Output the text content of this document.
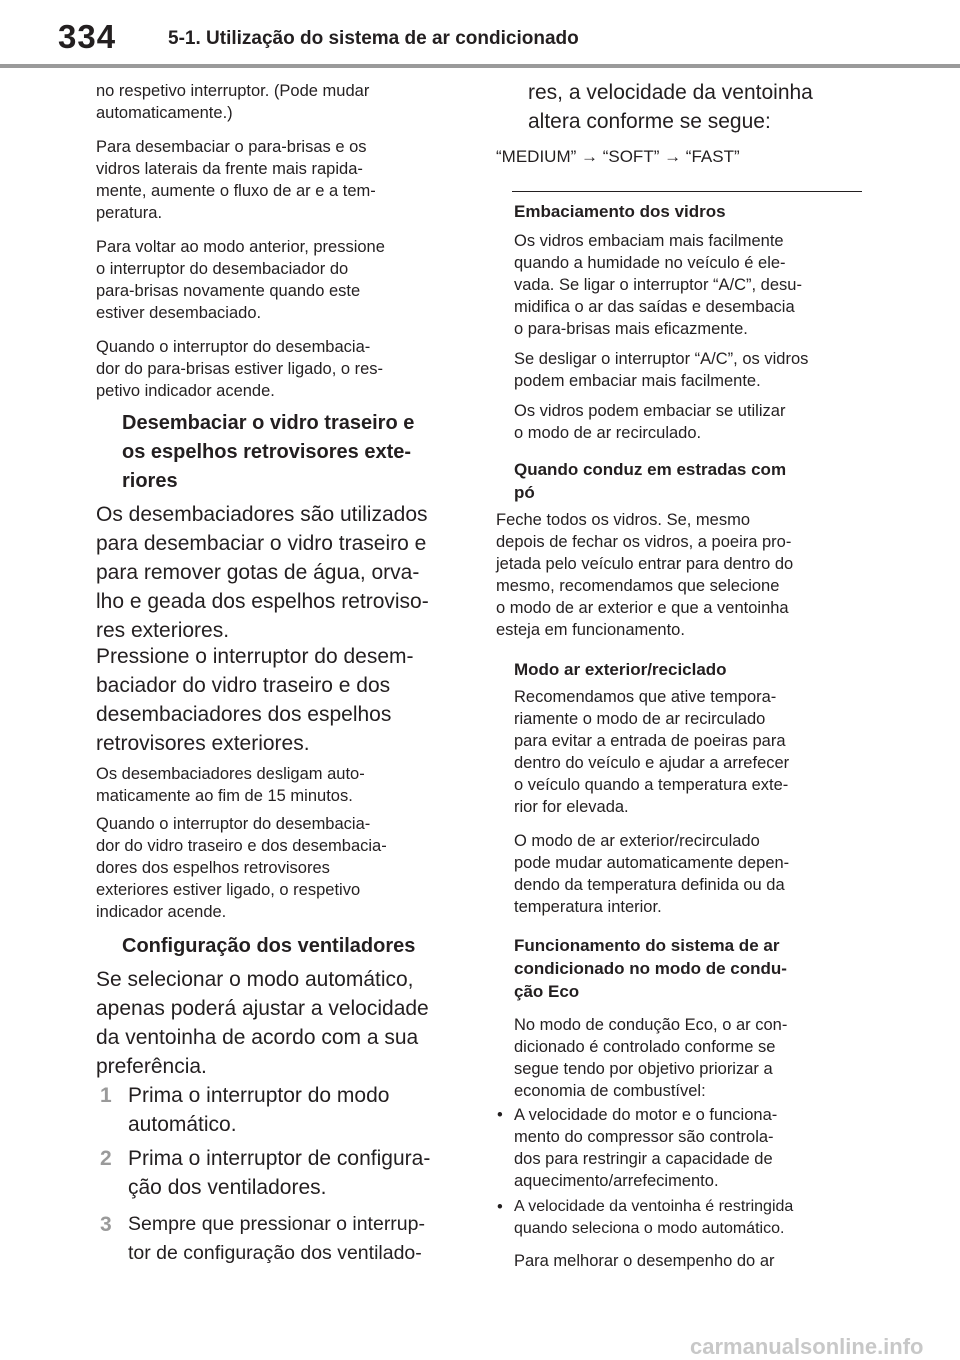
334	5-1. Utilização do sistema de ar condicionado
no respetivo interruptor. (Pode mudar
automaticamente.)
Para desembaciar o para-brisas e os
vidros laterais da frente mais rapida-
mente, aumente o fluxo de ar e a tem-
peratura.
Para voltar ao modo anterior, pressione
o interruptor do desembaciador do
para-brisas novamente quando este
estiver desembaciado.
Quando o interruptor do desembacia-
dor do para-brisas estiver ligado, o res-
petivo indicador acende.
Desembaciar o vidro traseiro e
os espelhos retrovisores exte-
riores
Os desembaciadores são utilizados
para desembaciar o vidro traseiro e
para remover gotas de água, orva-
lho e geada dos espelhos retroviso-
res exteriores.
Pressione o interruptor do desem-
baciador do vidro traseiro e dos
desembaciadores dos espelhos
retrovisores exteriores.
Os desembaciadores desligam auto-
maticamente ao fim de 15 minutos.
Quando o interruptor do desembacia-
dor do vidro traseiro e dos desembacia-
dores dos espelhos retrovisores
exteriores estiver ligado, o respetivo
indicador acende.
Configuração dos ventiladores
Se selecionar o modo automático,
apenas poderá ajustar a velocidade
da ventoinha de acordo com a sua
preferência.
1 Prima o interruptor do modo
automático.
2 Prima o interruptor de configura-
ção dos ventiladores.
3 Sempre que pressionar o interrup-
tor de configuração dos ventilado-
res, a velocidade da ventoinha
altera conforme se segue:
“MEDIUM” → “SOFT” → “FAST”
Embaciamento dos vidros
Os vidros embaciam mais facilmente
quando a humidade no veículo é ele-
vada. Se ligar o interruptor “A/C”, desu-
midifica o ar das saídas e desembacia
o para-brisas mais eficazmente.
Se desligar o interruptor “A/C”, os vidros
podem embaciar mais facilmente.
Os vidros podem embaciar se utilizar
o modo de ar recirculado.
Quando conduz em estradas com
pó
Feche todos os vidros. Se, mesmo
depois de fechar os vidros, a poeira pro-
jetada pelo veículo entrar para dentro do
mesmo, recomendamos que selecione
o modo de ar exterior e que a ventoinha
esteja em funcionamento.
Modo ar exterior/reciclado
Recomendamos que ative tempora-
riamente o modo de ar recirculado
para evitar a entrada de poeiras para
dentro do veículo e ajudar a arrefecer
o veículo quando a temperatura exte-
rior for elevada.
O modo de ar exterior/recirculado
pode mudar automaticamente depen-
dendo da temperatura definida ou da
temperatura interior.
Funcionamento do sistema de ar
condicionado no modo de condu-
ção Eco
No modo de condução Eco, o ar con-
dicionado é controlado conforme se
segue tendo por objetivo priorizar a
economia de combustível:
• A velocidade do motor e o funciona-
mento do compressor são controla-
dos para restringir a capacidade de
aquecimento/arrefecimento.
• A velocidade da ventoinha é restringida
quando seleciona o modo automático.
Para melhorar o desempenho do ar
carmanualsonline.info
